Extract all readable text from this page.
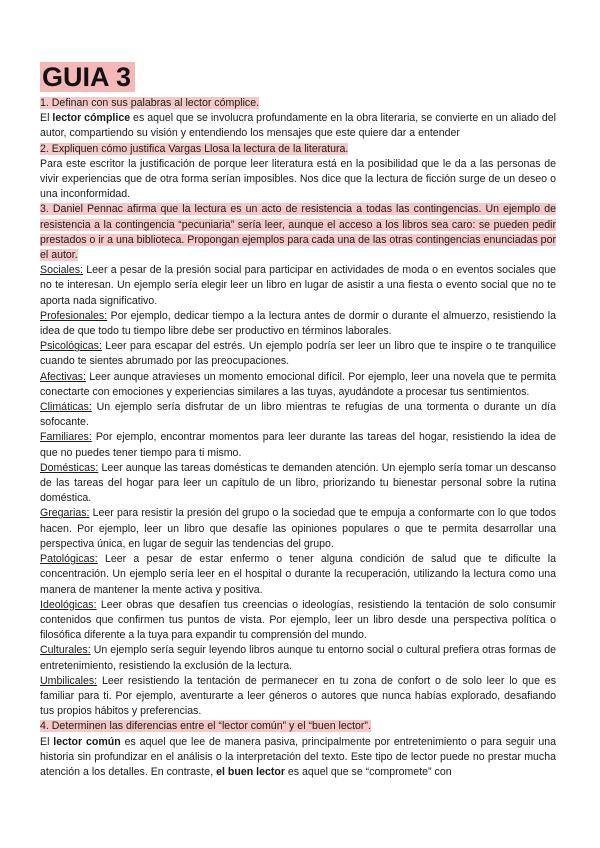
GUIA 3

1. Definan con sus palabras al lector cómplice.

El lector cómplice es aquel que se involucra profundamente en la obra literaria, se convierte en un aliado del autor, compartiendo su visión y entendiendo los mensajes que este quiere dar a entender

2. Expliquen cómo justifica Vargas Llosa la lectura de la literatura.

Para este escritor la justificación de porque leer literatura está en la posibilidad que le da a las personas de vivir experiencias que de otra forma serían imposibles. Nos dice que la lectura de ficción surge de un deseo o una inconformidad.

3. Daniel Pennac afirma que la lectura es un acto de resistencia a todas las contingencias. Un ejemplo de resistencia a la contingencia “pecuniaria” sería leer, aunque el acceso a los libros sea caro: se pueden pedir prestados o ir a una biblioteca. Propongan ejemplos para cada una de las otras contingencias enunciadas por el autor.

Sociales: Leer a pesar de la presión social para participar en actividades de moda o en eventos sociales que no te interesan. Un ejemplo sería elegir leer un libro en lugar de asistir a una fiesta o evento social que no te aporta nada significativo.

Profesionales: Por ejemplo, dedicar tiempo a la lectura antes de dormir o durante el almuerzo, resistiendo la idea de que todo tu tiempo libre debe ser productivo en términos laborales.

Psicológicas: Leer para escapar del estrés. Un ejemplo podría ser leer un libro que te inspire o te tranquilice cuando te sientes abrumado por las preocupaciones.

Afectivas: Leer aunque atravieses un momento emocional difícil. Por ejemplo, leer una novela que te permita conectarte con emociones y experiencias similares a las tuyas, ayudándote a procesar tus sentimientos.

Climáticas: Un ejemplo sería disfrutar de un libro mientras te refugias de una tormenta o durante un día sofocante.

Familiares: Por ejemplo, encontrar momentos para leer durante las tareas del hogar, resistiendo la idea de que no puedes tener tiempo para ti mismo.

Domésticas: Leer aunque las tareas domésticas te demanden atención. Un ejemplo sería tomar un descanso de las tareas del hogar para leer un capítulo de un libro, priorizando tu bienestar personal sobre la rutina doméstica.

Gregarias: Leer para resistir la presión del grupo o la sociedad que te empuja a conformarte con lo que todos hacen. Por ejemplo, leer un libro que desafíe las opiniones populares o que te permita desarrollar una perspectiva única, en lugar de seguir las tendencias del grupo.

Patológicas: Leer a pesar de estar enfermo o tener alguna condición de salud que te dificulte la concentración. Un ejemplo sería leer en el hospital o durante la recuperación, utilizando la lectura como una manera de mantener la mente activa y positiva.

Ideológicas: Leer obras que desafíen tus creencias o ideologías, resistiendo la tentación de solo consumir contenidos que confirmen tus puntos de vista. Por ejemplo, leer un libro desde una perspectiva política o filosófica diferente a la tuya para expandir tu comprensión del mundo.

Culturales: Un ejemplo sería seguir leyendo libros aunque tu entorno social o cultural prefiera otras formas de entretenimiento, resistiendo la exclusión de la lectura.

Umbilicales: Leer resistiendo la tentación de permanecer en tu zona de confort o de solo leer lo que es familiar para ti. Por ejemplo, aventurarte a leer géneros o autores que nunca habías explorado, desafiando tus propios hábitos y preferencias.

4. Determinen las diferencias entre el “lector común” y el “buen lector”.

El lector común es aquel que lee de manera pasiva, principalmente por entretenimiento o para seguir una historia sin profundizar en el análisis o la interpretación del texto. Este tipo de lector puede no prestar mucha atención a los detalles. En contraste, el buen lector es aquel que se “compromete” con
